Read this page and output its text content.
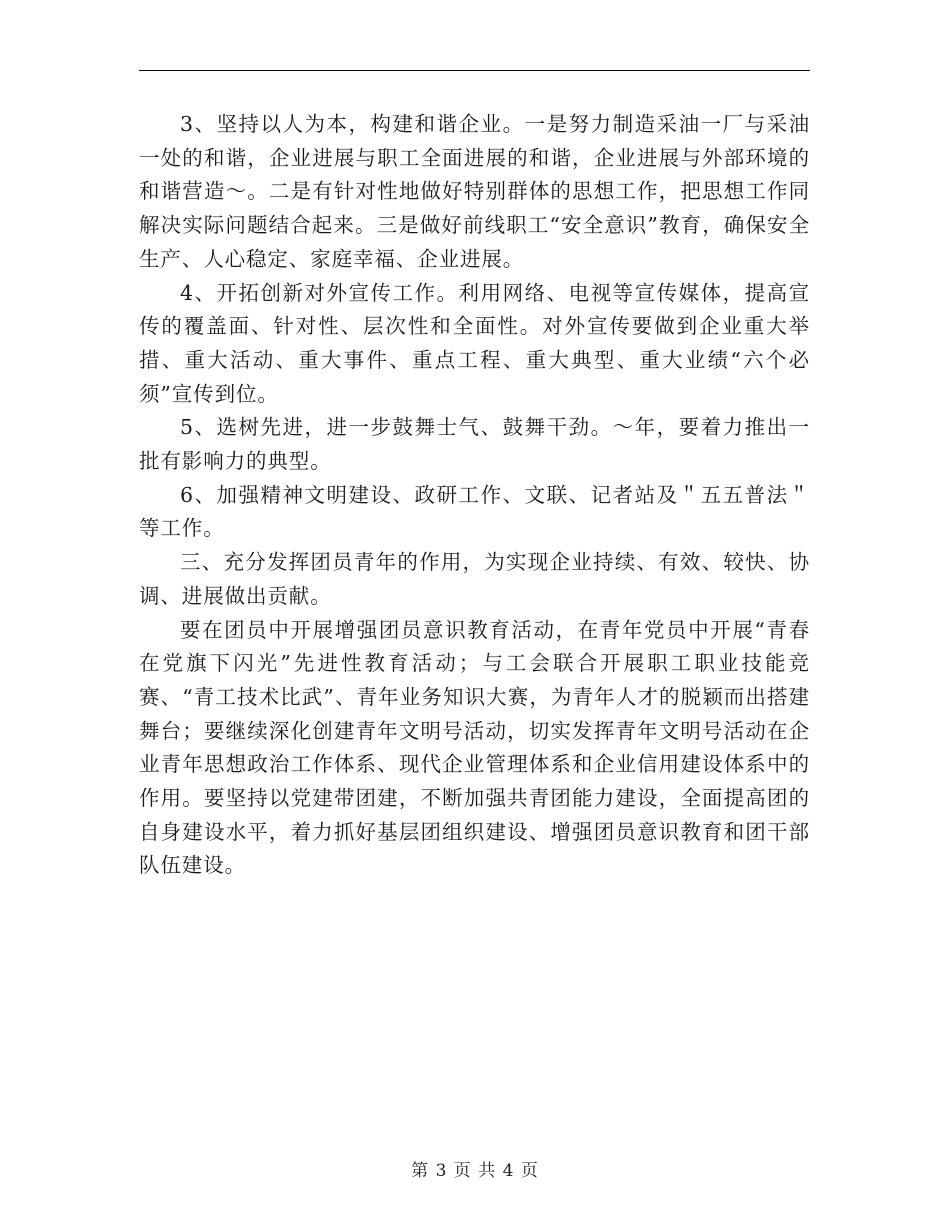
3、坚持以人为本，构建和谐企业。一是努力制造采油一厂与采油一处的和谐，企业进展与职工全面进展的和谐，企业进展与外部环境的和谐营造～。二是有针对性地做好特别群体的思想工作，把思想工作同解决实际问题结合起来。三是做好前线职工“安全意识”教育，确保安全生产、人心稳定、家庭幸福、企业进展。

4、开拓创新对外宣传工作。利用网络、电视等宣传媒体，提高宣传的覆盖面、针对性、层次性和全面性。对外宣传要做到企业重大举措、重大活动、重大事件、重点工程、重大典型、重大业绩“六个必须”宣传到位。

5、选树先进，进一步鼓舞士气、鼓舞干劲。～年，要着力推出一批有影响力的典型。

6、加强精神文明建设、政研工作、文联、记者站及＂五五普法＂等工作。

三、充分发挥团员青年的作用，为实现企业持续、有效、较快、协调、进展做出贡献。

要在团员中开展增强团员意识教育活动，在青年党员中开展“青春在党旗下闪光”先进性教育活动；与工会联合开展职工职业技能竞赛、“青工技术比武”、青年业务知识大赛，为青年人才的脱颖而出搭建舞台；要继续深化创建青年文明号活动，切实发挥青年文明号活动在企业青年思想政治工作体系、现代企业管理体系和企业信用建设体系中的作用。要坚持以党建带团建，不断加强共青团能力建设，全面提高团的自身建设水平，着力抓好基层团组织建设、增强团员意识教育和团干部队伍建设。

第 3 页 共 4 页
